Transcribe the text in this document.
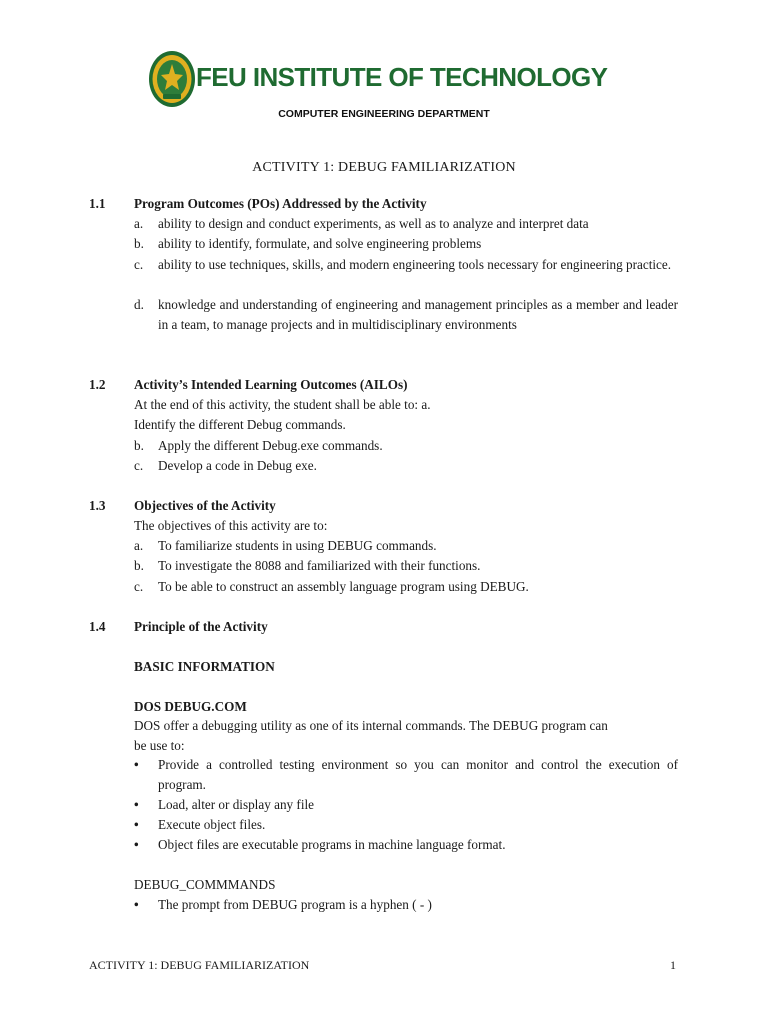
FEU INSTITUTE OF TECHNOLOGY
COMPUTER ENGINEERING DEPARTMENT
ACTIVITY 1: DEBUG FAMILIARIZATION
1.1 Program Outcomes (POs) Addressed by the Activity
a. ability to design and conduct experiments, as well as to analyze and interpret data
b. ability to identify, formulate, and solve engineering problems
c. ability to use techniques, skills, and modern engineering tools necessary for engineering practice.
d. knowledge and understanding of engineering and management principles as a member and leader in a team, to manage projects and in multidisciplinary environments
1.2 Activity’s Intended Learning Outcomes (AILOs)
At the end of this activity, the student shall be able to: a.
Identify the different Debug commands.
b. Apply the different Debug.exe commands.
c. Develop a code in Debug exe.
1.3 Objectives of the Activity
The objectives of this activity are to:
a. To familiarize students in using DEBUG commands.
b. To investigate the 8088 and familiarized with their functions.
c. To be able to construct an assembly language program using DEBUG.
1.4 Principle of the Activity
BASIC INFORMATION
DOS DEBUG.COM
DOS offer a debugging utility as one of its internal commands. The DEBUG program can
be use to:
• Provide a controlled testing environment so you can monitor and control the execution of program.
• Load, alter or display any file
• Execute object files.
• Object files are executable programs in machine language format.
DEBUG_COMMMANDS
• The prompt from DEBUG program is a hyphen ( - )
ACTIVITY 1: DEBUG FAMILIARIZATION	1
